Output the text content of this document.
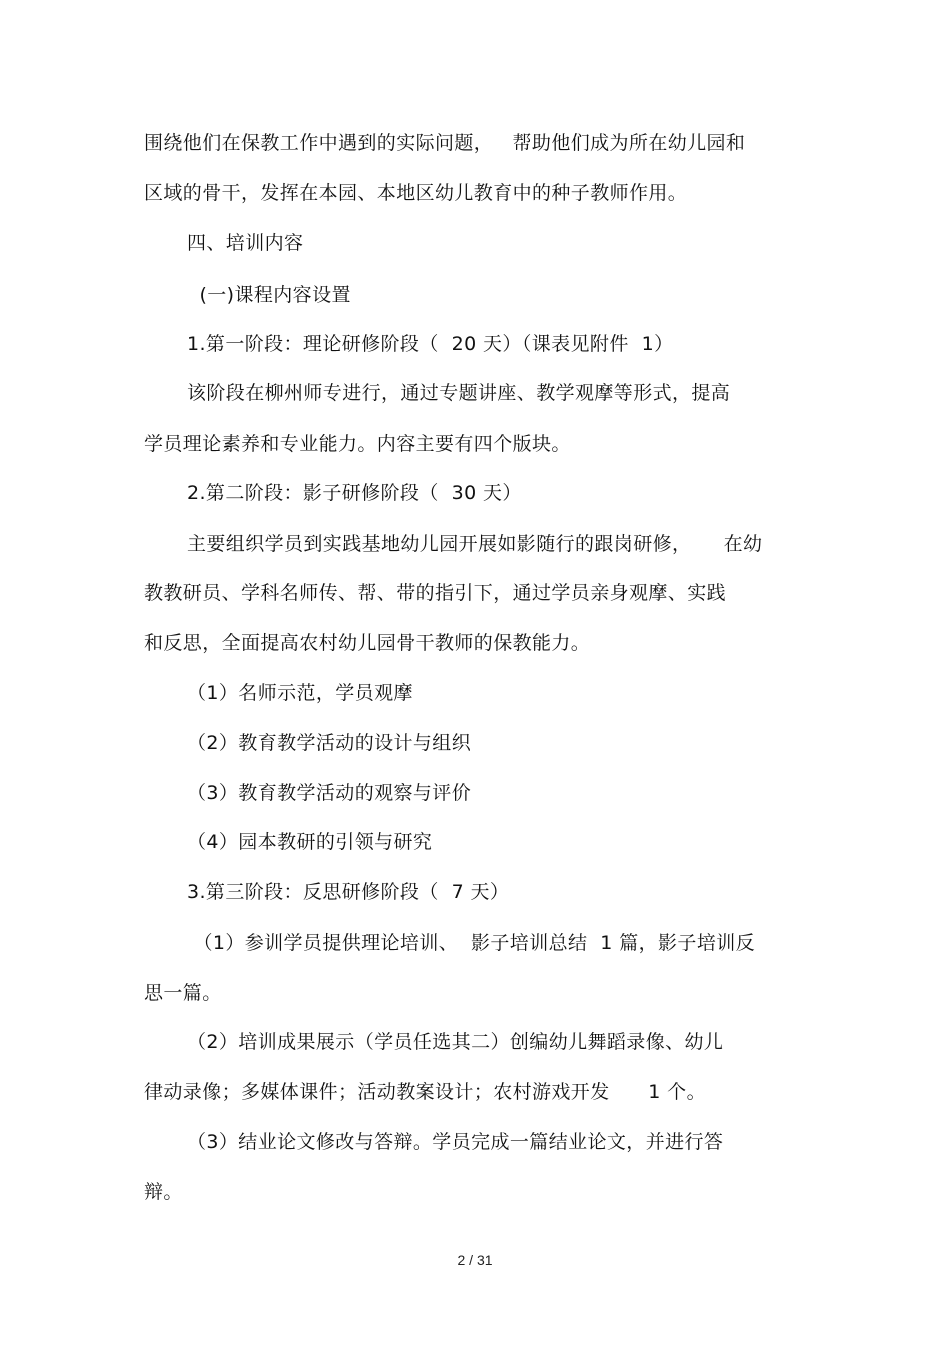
围绕他们在保教工作中遇到的实际问题，   帮助他们成为所在幼儿园和

区域的骨干，发挥在本园、本地区幼儿教育中的种子教师作用。

四、培训内容

(一)课程内容设置

1.第一阶段：理论研修阶段（  20 天）（课表见附件  1）

该阶段在柳州师专进行，通过专题讲座、教学观摩等形式，提高

学员理论素养和专业能力。内容主要有四个版块。

2.第二阶段：影子研修阶段（  30 天）

主要组织学员到实践基地幼儿园开展如影随行的跟岗研修，     在幼

教教研员、学科名师传、帮、带的指引下，通过学员亲身观摩、实践

和反思，全面提高农村幼儿园骨干教师的保教能力。

（1）名师示范，学员观摩

（2）教育教学活动的设计与组织

（3）教育教学活动的观察与评价

（4）园本教研的引领与研究

3.第三阶段：反思研修阶段（  7 天）

（1）参训学员提供理论培训、  影子培训总结  1 篇，影子培训反

思一篇。

（2）培训成果展示（学员任选其二）创编幼儿舞蹈录像、幼儿

律动录像；多媒体课件；活动教案设计；农村游戏开发      1 个。

（3）结业论文修改与答辩。学员完成一篇结业论文，并进行答

辩。

2 / 31
